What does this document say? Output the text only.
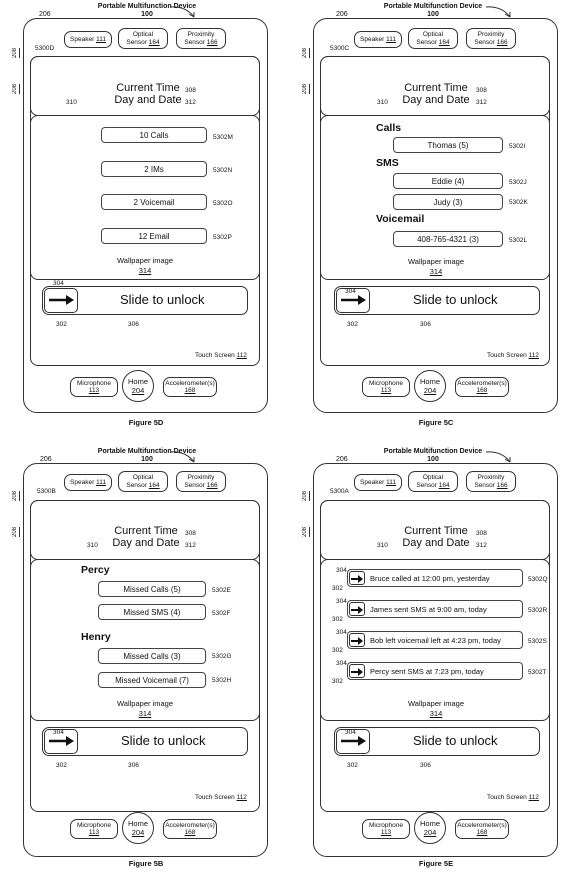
Portable Multifunction Device
100
206
208
208
Speaker 111
Optical
Sensor 164
Proximity
Sensor 166
5300D
Current Time 308
Day and Date
310	312
10 Calls	5302M
2 IMs	5302N
2 Voicemail	5302O
12 Email	5302P
Wallpaper image
314
304
Slide to unlock
302	306
Touch Screen 112
Microphone
113
Home
204
Accelerometer(s)
168
Figure 5D
Portable Multifunction Device
100
206
208
208
Speaker 111
Optical
Sensor 164
Proximity
Sensor 166
5300C
Current Time	308
Day and Date
310	312
Calls
Thomas (5)	5302I
SMS
Eddie (4)	5302J
Judy (3)	5302K
Voicemail
408-765-4321 (3)	5302L
Wallpaper image
314
304
Slide to unlock
302	306
Touch Screen 112
Microphone
113
Home
204
Accelerometer(s)
168
Figure 5C
Portable Multifunction Device
100
206
208
208
Speaker 111
Optical
Sensor 164
Proximity
Sensor 166
5300B
Current Time	308
Day and Date
310	312
Percy
Missed Calls (5)	5302E
Missed SMS (4)	5302F
Henry
Missed Calls (3)	5302G
Missed Voicemail (7)	5302H
Wallpaper image
314
304
Slide to unlock
302	306
Touch Screen 112
Microphone
113
Home
204
Accelerometer(s)
168
Figure 5B
Portable Multifunction Device
100
206
208
208
Speaker 111
Optical
Sensor 164
Proximity
Sensor 166
5300A
Current Time	308
Day and Date
310	312
304
302
Bruce called at 12:00 pm, yesterday	5302Q
304
302
James sent SMS at 9:00 am, today	5302R
304
302
Bob left voicemail left at 4:23 pm, today	5302S
304
302
Percy sent SMS at 7:23 pm, today	5302T
Wallpaper image
314
304
Slide to unlock
302	306
Touch Screen 112
Microphone
113
Home
204
Accelerometer(s)
168
Figure 5E
